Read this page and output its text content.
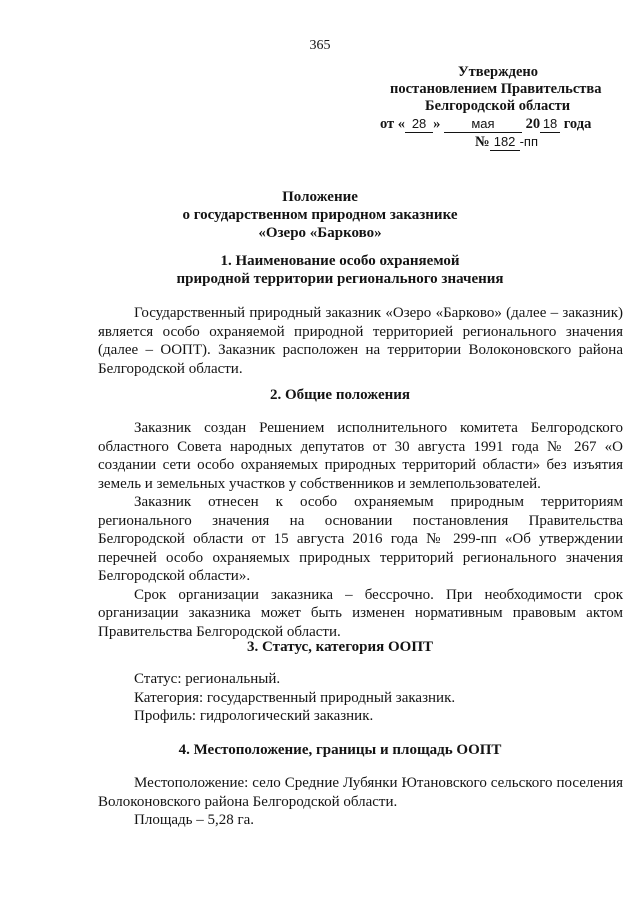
365
Утверждено
постановлением Правительства
Белгородской области
от « 28 » мая 20 18 года
№ 182 -пп
Положение
о государственном природном заказнике
«Озеро «Барково»
1. Наименование особо охраняемой
природной территории регионального значения

Государственный природный заказник «Озеро «Барково» (далее – заказник) является особо охраняемой природной территорией регионального значения (далее – ООПТ). Заказник расположен на территории Волоконовского района Белгородской области.

2. Общие положения

Заказник создан Решением исполнительного комитета Белгородского областного Совета народных депутатов от 30 августа 1991 года № 267 «О создании сети особо охраняемых природных территорий области» без изъятия земель и земельных участков у собственников и землепользователей.

Заказник отнесен к особо охраняемым природным территориям регионального значения на основании постановления Правительства Белгородской области от 15 августа 2016 года № 299-пп «Об утверждении перечней особо охраняемых природных территорий регионального значения Белгородской области».

Срок организации заказника – бессрочно. При необходимости срок организации заказника может быть изменен нормативным правовым актом Правительства Белгородской области.

3. Статус, категория ООПТ

Статус: региональный.

Категория: государственный природный заказник.

Профиль: гидрологический заказник.

4. Местоположение, границы и площадь ООПТ

Местоположение: село Средние Лубянки Ютановского сельского поселения Волоконовского района Белгородской области.

Площадь – 5,28 га.
